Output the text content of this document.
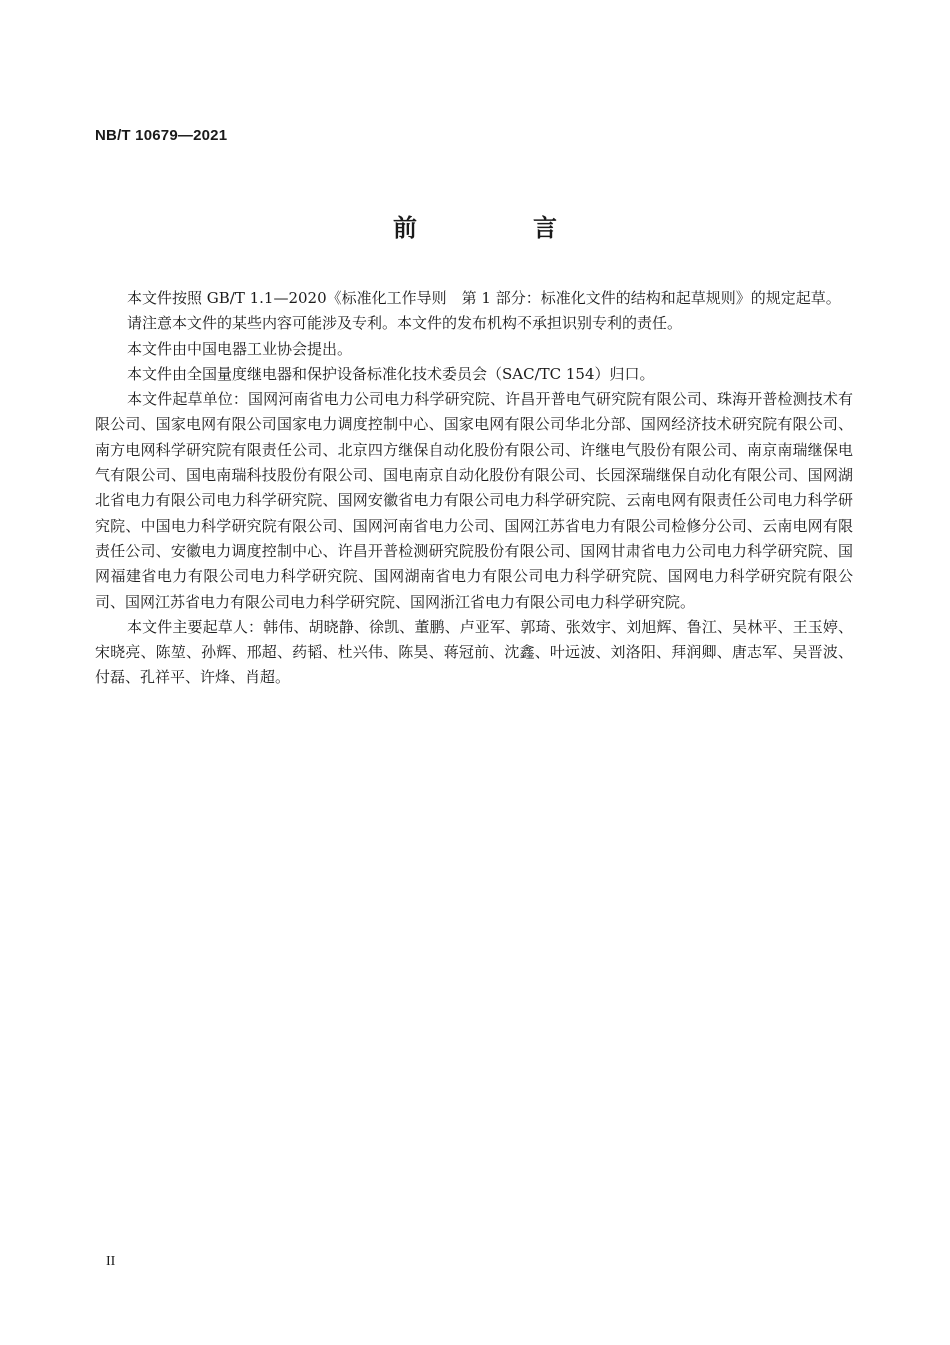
NB/T 10679—2021
前　言

本文件按照 GB/T 1.1—2020《标准化工作导则　第 1 部分：标准化文件的结构和起草规则》的规定起草。

请注意本文件的某些内容可能涉及专利。本文件的发布机构不承担识别专利的责任。

本文件由中国电器工业协会提出。

本文件由全国量度继电器和保护设备标准化技术委员会（SAC/TC 154）归口。

本文件起草单位：国网河南省电力公司电力科学研究院、许昌开普电气研究院有限公司、珠海开普检测技术有限公司、国家电网有限公司国家电力调度控制中心、国家电网有限公司华北分部、国网经济技术研究院有限公司、南方电网科学研究院有限责任公司、北京四方继保自动化股份有限公司、许继电气股份有限公司、南京南瑞继保电气有限公司、国电南瑞科技股份有限公司、国电南京自动化股份有限公司、长园深瑞继保自动化有限公司、国网湖北省电力有限公司电力科学研究院、国网安徽省电力有限公司电力科学研究院、云南电网有限责任公司电力科学研究院、中国电力科学研究院有限公司、国网河南省电力公司、国网江苏省电力有限公司检修分公司、云南电网有限责任公司、安徽电力调度控制中心、许昌开普检测研究院股份有限公司、国网甘肃省电力公司电力科学研究院、国网福建省电力有限公司电力科学研究院、国网湖南省电力有限公司电力科学研究院、国网电力科学研究院有限公司、国网江苏省电力有限公司电力科学研究院、国网浙江省电力有限公司电力科学研究院。

本文件主要起草人：韩伟、胡晓静、徐凯、董鹏、卢亚军、郭琦、张效宇、刘旭辉、鲁江、吴林平、王玉婷、宋晓亮、陈堃、孙辉、邢超、药韬、杜兴伟、陈昊、蒋冠前、沈鑫、叶远波、刘洛阳、拜润卿、唐志军、吴晋波、付磊、孔祥平、许烽、肖超。

II
